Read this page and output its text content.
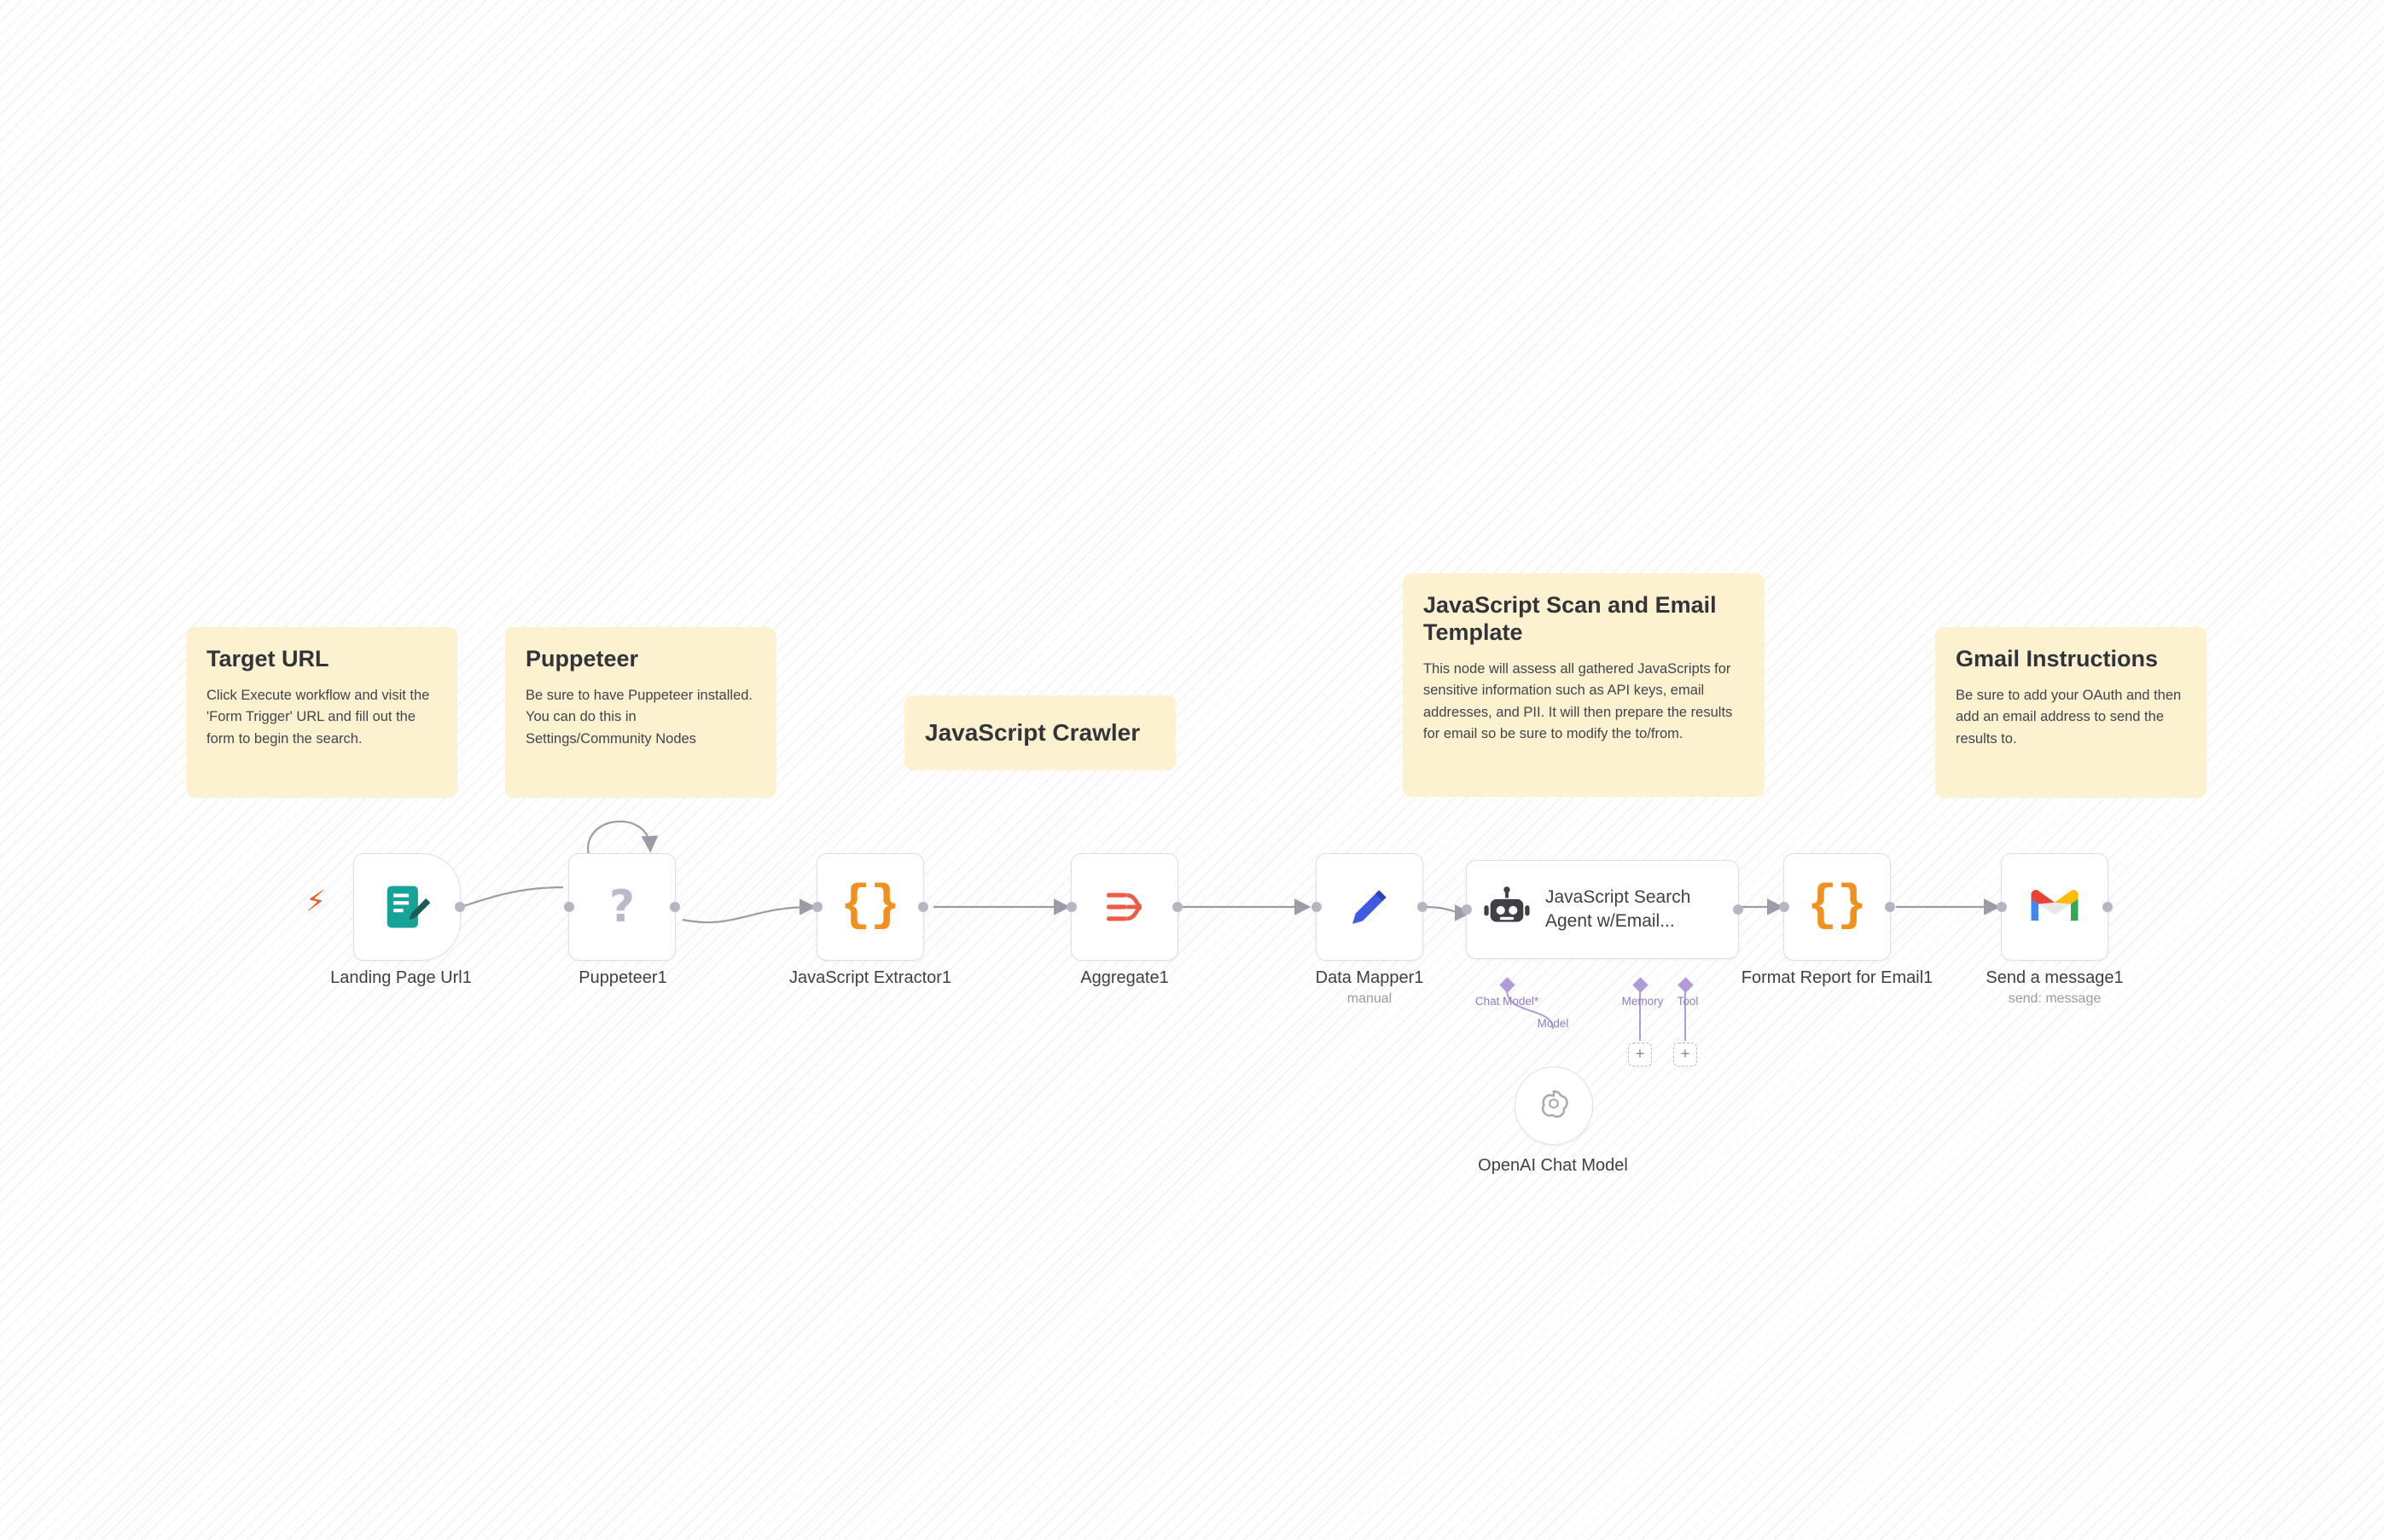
Target URL

Click Execute workflow and visit the 'Form Trigger' URL and fill out the form to begin the search.

Puppeteer

Be sure to have Puppeteer installed. You can do this in Settings/Community Nodes	JavaScript Crawler
JavaScript Scan and Email Template

This node will assess all gathered JavaScripts for sensitive information such as API keys, email addresses, and PII. It will then prepare the results for email so be sure to modify the to/from.

Gmail Instructions

Be sure to add your OAuth and then add an email address to send the results to.

⚡
Landing Page Url1
?
Puppeteer1
{}
JavaScript Extractor1	Aggregate1	Data Mapper1
manual
JavaScript Search Agent w/Email...
Chat Model *
Model
Memory
+
Tool
+
OpenAI Chat Model
{}
Format Report for Email1	Send a message1
send: message
